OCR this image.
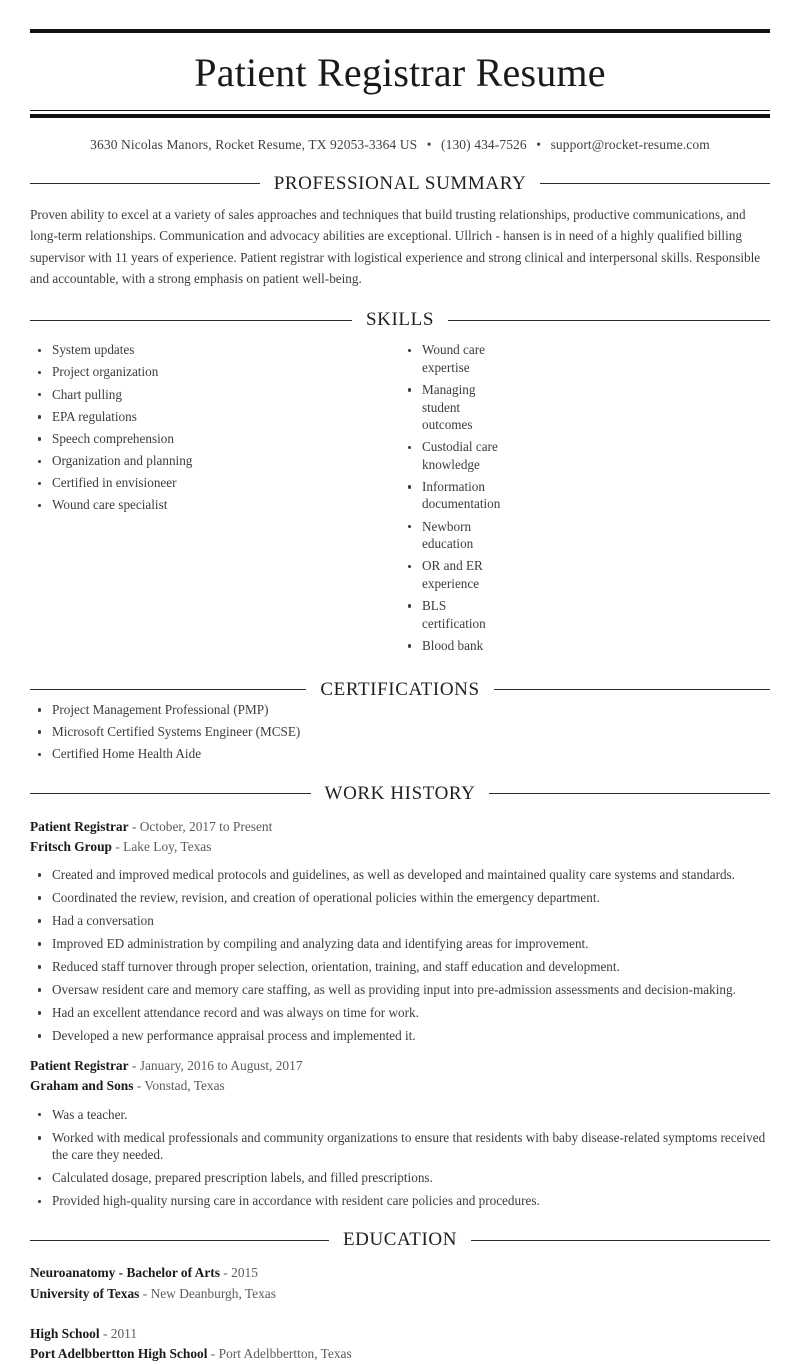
Patient Registrar Resume
3630 Nicolas Manors, Rocket Resume, TX 92053-3364 US • (130) 434-7526 • support@rocket-resume.com
PROFESSIONAL SUMMARY

Proven ability to excel at a variety of sales approaches and techniques that build trusting relationships, productive communications, and long-term relationships. Communication and advocacy abilities are exceptional. Ullrich - hansen is in need of a highly qualified billing supervisor with 11 years of experience. Patient registrar with logistical experience and strong clinical and interpersonal skills. Responsible and accountable, with a strong emphasis on patient well-being.

SKILLS
System updates
Project organization
Chart pulling
EPA regulations
Speech comprehension
Organization and planning
Certified in envisioneer
Wound care specialist
Wound care expertise
Managing student outcomes
Custodial care knowledge
Information documentation
Newborn education
OR and ER experience
BLS certification
Blood bank
CERTIFICATIONS
Project Management Professional (PMP)
Microsoft Certified Systems Engineer (MCSE)
Certified Home Health Aide
WORK HISTORY
Patient Registrar - October, 2017 to Present
Fritsch Group - Lake Loy, Texas
Created and improved medical protocols and guidelines, as well as developed and maintained quality care systems and standards.
Coordinated the review, revision, and creation of operational policies within the emergency department.
Had a conversation
Improved ED administration by compiling and analyzing data and identifying areas for improvement.
Reduced staff turnover through proper selection, orientation, training, and staff education and development.
Oversaw resident care and memory care staffing, as well as providing input into pre-admission assessments and decision-making.
Had an excellent attendance record and was always on time for work.
Developed a new performance appraisal process and implemented it.
Patient Registrar - January, 2016 to August, 2017
Graham and Sons - Vonstad, Texas
Was a teacher.
Worked with medical professionals and community organizations to ensure that residents with baby disease-related symptoms received the care they needed.
Calculated dosage, prepared prescription labels, and filled prescriptions.
Provided high-quality nursing care in accordance with resident care policies and procedures.
EDUCATION
Neuroanatomy - Bachelor of Arts - 2015
University of Texas - New Deanburgh, Texas
High School - 2011
Port Adelbbertton High School - Port Adelbbertton, Texas
